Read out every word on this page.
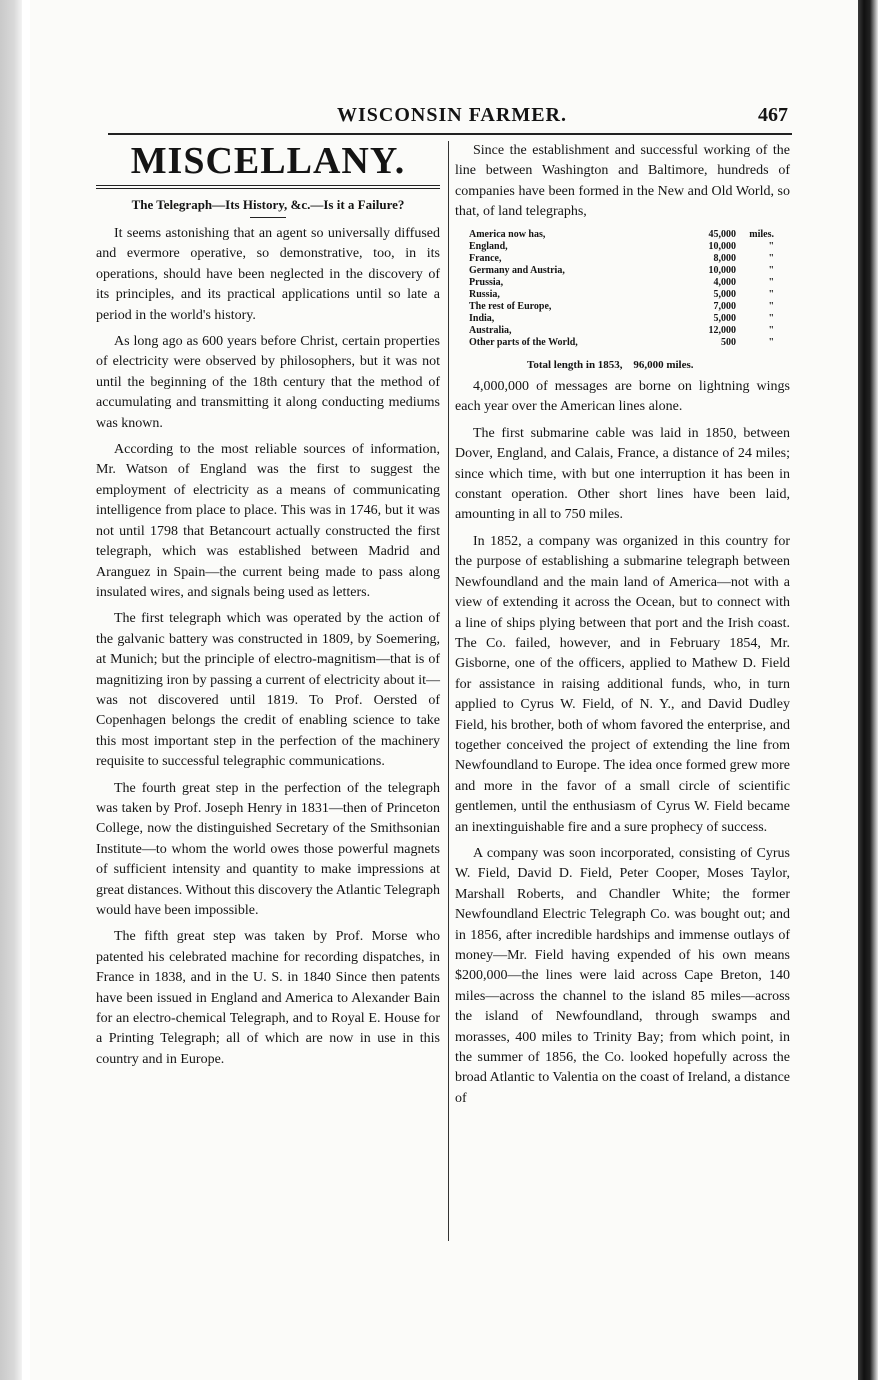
WISCONSIN FARMER.	467
MISCELLANY.
The Telegraph—Its History, &c.—Is it a Failure?

It seems astonishing that an agent so universally diffused and evermore operative, so demonstrative, too, in its operations, should have been neglected in the discovery of its principles, and its practical applications until so late a period in the world's history.

As long ago as 600 years before Christ, certain properties of electricity were observed by philosophers, but it was not until the beginning of the 18th century that the method of accumulating and transmitting it along conducting mediums was known.

According to the most reliable sources of information, Mr. Watson of England was the first to suggest the employment of electricity as a means of communicating intelligence from place to place. This was in 1746, but it was not until 1798 that Betancourt actually constructed the first telegraph, which was established between Madrid and Aranguez in Spain—the current being made to pass along insulated wires, and signals being used as letters.

The first telegraph which was operated by the action of the galvanic battery was constructed in 1809, by Soemering, at Munich; but the principle of electro-magnitism—that is of magnitizing iron by passing a current of electricity about it—was not discovered until 1819. To Prof. Oersted of Copenhagen belongs the credit of enabling science to take this most important step in the perfection of the machinery requisite to successful telegraphic communications.

The fourth great step in the perfection of the telegraph was taken by Prof. Joseph Henry in 1831—then of Princeton College, now the distinguished Secretary of the Smithsonian Institute—to whom the world owes those powerful magnets of sufficient intensity and quantity to make impressions at great distances. Without this discovery the Atlantic Telegraph would have been impossible.

The fifth great step was taken by Prof. Morse who patented his celebrated machine for recording dispatches, in France in 1838, and in the U. S. in 1840 Since then patents have been issued in England and America to Alexander Bain for an electro-chemical Telegraph, and to Royal E. House for a Printing Telegraph; all of which are now in use in this country and in Europe.

Since the establishment and successful working of the line between Washington and Baltimore, hundreds of companies have been formed in the New and Old World, so that, of land telegraphs,

America now has,	45,000	miles.
England,	10,000	"
France,	8,000	"
Germany and Austria,	10,000	"
Prussia,	4,000	"
Russia,	5,000	"
The rest of Europe,	7,000	"
India,	5,000	"
Australia,	12,000	"
Other parts of the World,	500	"
Total length in 1853, 96,000 miles.

4,000,000 of messages are borne on lightning wings each year over the American lines alone.

The first submarine cable was laid in 1850, between Dover, England, and Calais, France, a distance of 24 miles; since which time, with but one interruption it has been in constant operation. Other short lines have been laid, amounting in all to 750 miles.

In 1852, a company was organized in this country for the purpose of establishing a submarine telegraph between Newfoundland and the main land of America—not with a view of extending it across the Ocean, but to connect with a line of ships plying between that port and the Irish coast. The Co. failed, however, and in February 1854, Mr. Gisborne, one of the officers, applied to Mathew D. Field for assistance in raising additional funds, who, in turn applied to Cyrus W. Field, of N. Y., and David Dudley Field, his brother, both of whom favored the enterprise, and together conceived the project of extending the line from Newfoundland to Europe. The idea once formed grew more and more in the favor of a small circle of scientific gentlemen, until the enthusiasm of Cyrus W. Field became an inextinguishable fire and a sure prophecy of success.

A company was soon incorporated, consisting of Cyrus W. Field, David D. Field, Peter Cooper, Moses Taylor, Marshall Roberts, and Chandler White; the former Newfoundland Electric Telegraph Co. was bought out; and in 1856, after incredible hardships and immense outlays of money—Mr. Field having expended of his own means $200,000—the lines were laid across Cape Breton, 140 miles—across the channel to the island 85 miles—across the island of Newfoundland, through swamps and morasses, 400 miles to Trinity Bay; from which point, in the summer of 1856, the Co. looked hopefully across the broad Atlantic to Valentia on the coast of Ireland, a distance of
